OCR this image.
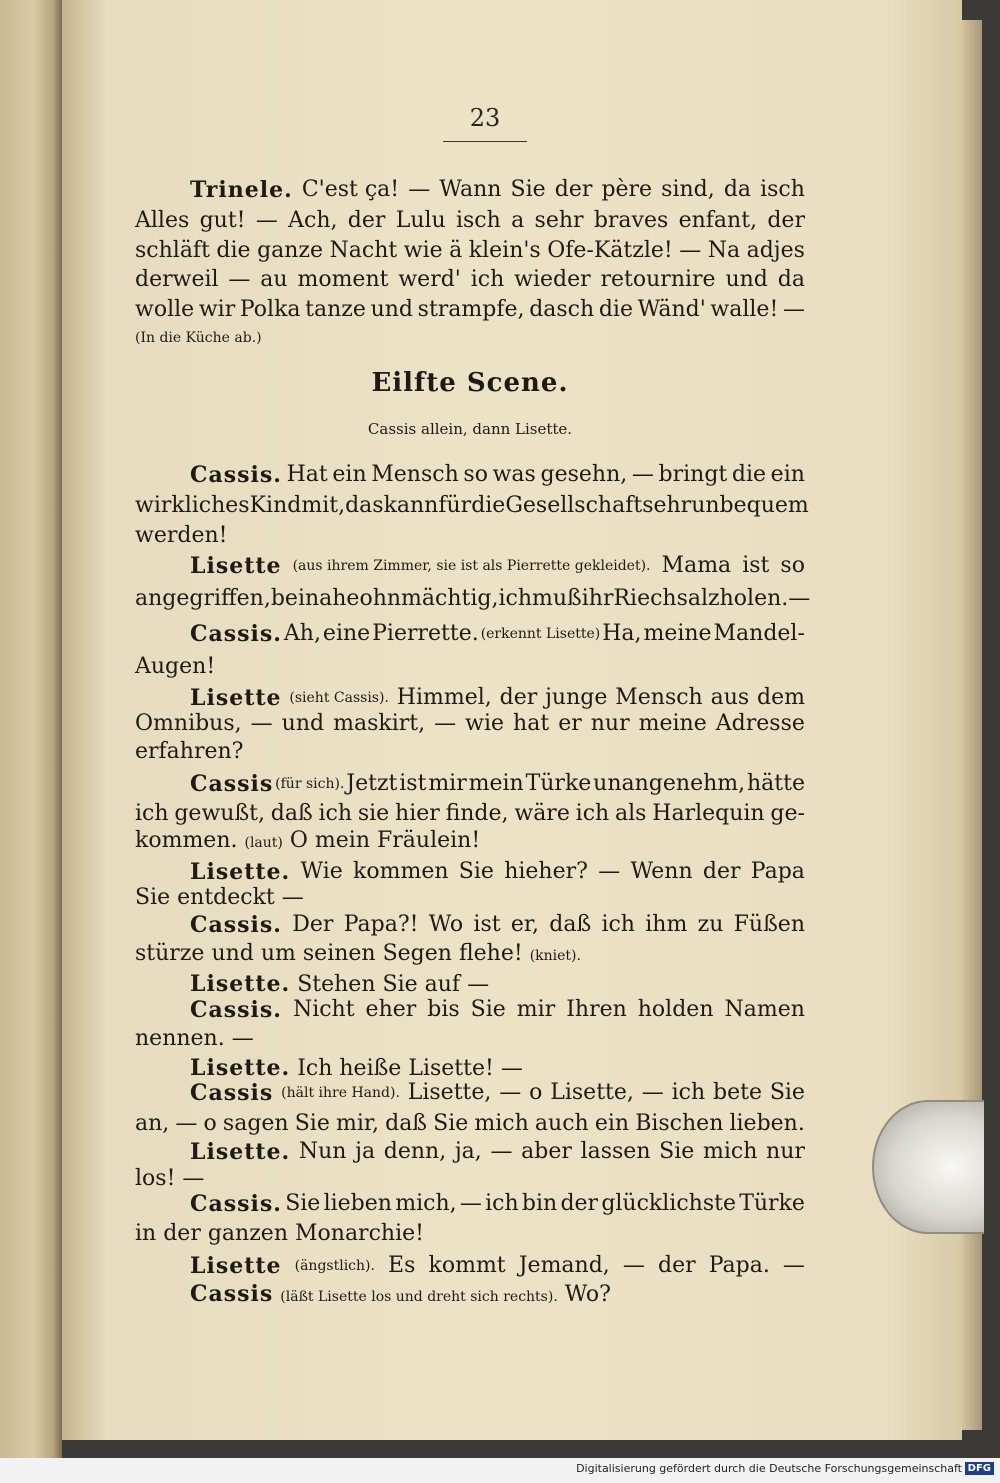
23
Eilfte Scene.
Cassis allein, dann Lisette.
Trinele. C'est ça! — Wann Sie der père sind, da isch
Alles gut! — Ach, der Lulu isch a sehr braves enfant, der
schläft die ganze Nacht wie ä klein's Ofe-Kätzle! — Na adjes
derweil — au moment werd' ich wieder retournire und da
wolle wir Polka tanze und strampfe, dasch die Wänd' walle! —
(In die Küche ab.)
Cassis. Hat ein Mensch so was gesehn, — bringt die ein
wirkliches Kind mit, das kann für die Gesellschaft sehr unbequem
werden!
Lisette (aus ihrem Zimmer, sie ist als Pierrette gekleidet). Mama ist so
angegriffen, beinahe ohnmächtig, ich muß ihr Riechsalz holen. —
Cassis. Ah, eine Pierrette. (erkennt Lisette) Ha, meine Mandel-
Augen!
Lisette (sieht Cassis). Himmel, der junge Mensch aus dem
Omnibus, — und maskirt, — wie hat er nur meine Adresse
erfahren?
Cassis (für sich). Jetzt ist mir mein Türke unangenehm, hätte
ich gewußt, daß ich sie hier finde, wäre ich als Harlequin ge-
kommen. (laut) O mein Fräulein!
Lisette. Wie kommen Sie hieher? — Wenn der Papa
Sie entdeckt —
Cassis. Der Papa?! Wo ist er, daß ich ihm zu Füßen
stürze und um seinen Segen flehe! (kniet).
Lisette. Stehen Sie auf —
Cassis. Nicht eher bis Sie mir Ihren holden Namen
nennen. —
Lisette. Ich heiße Lisette! —
Cassis (hält ihre Hand). Lisette, — o Lisette, — ich bete Sie
an, — o sagen Sie mir, daß Sie mich auch ein Bischen lieben.
Lisette. Nun ja denn, ja, — aber lassen Sie mich nur
los! —
Cassis. Sie lieben mich, — ich bin der glücklichste Türke
in der ganzen Monarchie!
Lisette (ängstlich). Es kommt Jemand, — der Papa. —
Cassis (läßt Lisette los und dreht sich rechts). Wo?
Digitalisierung gefördert durch die Deutsche Forschungsgemeinschaft DFG
